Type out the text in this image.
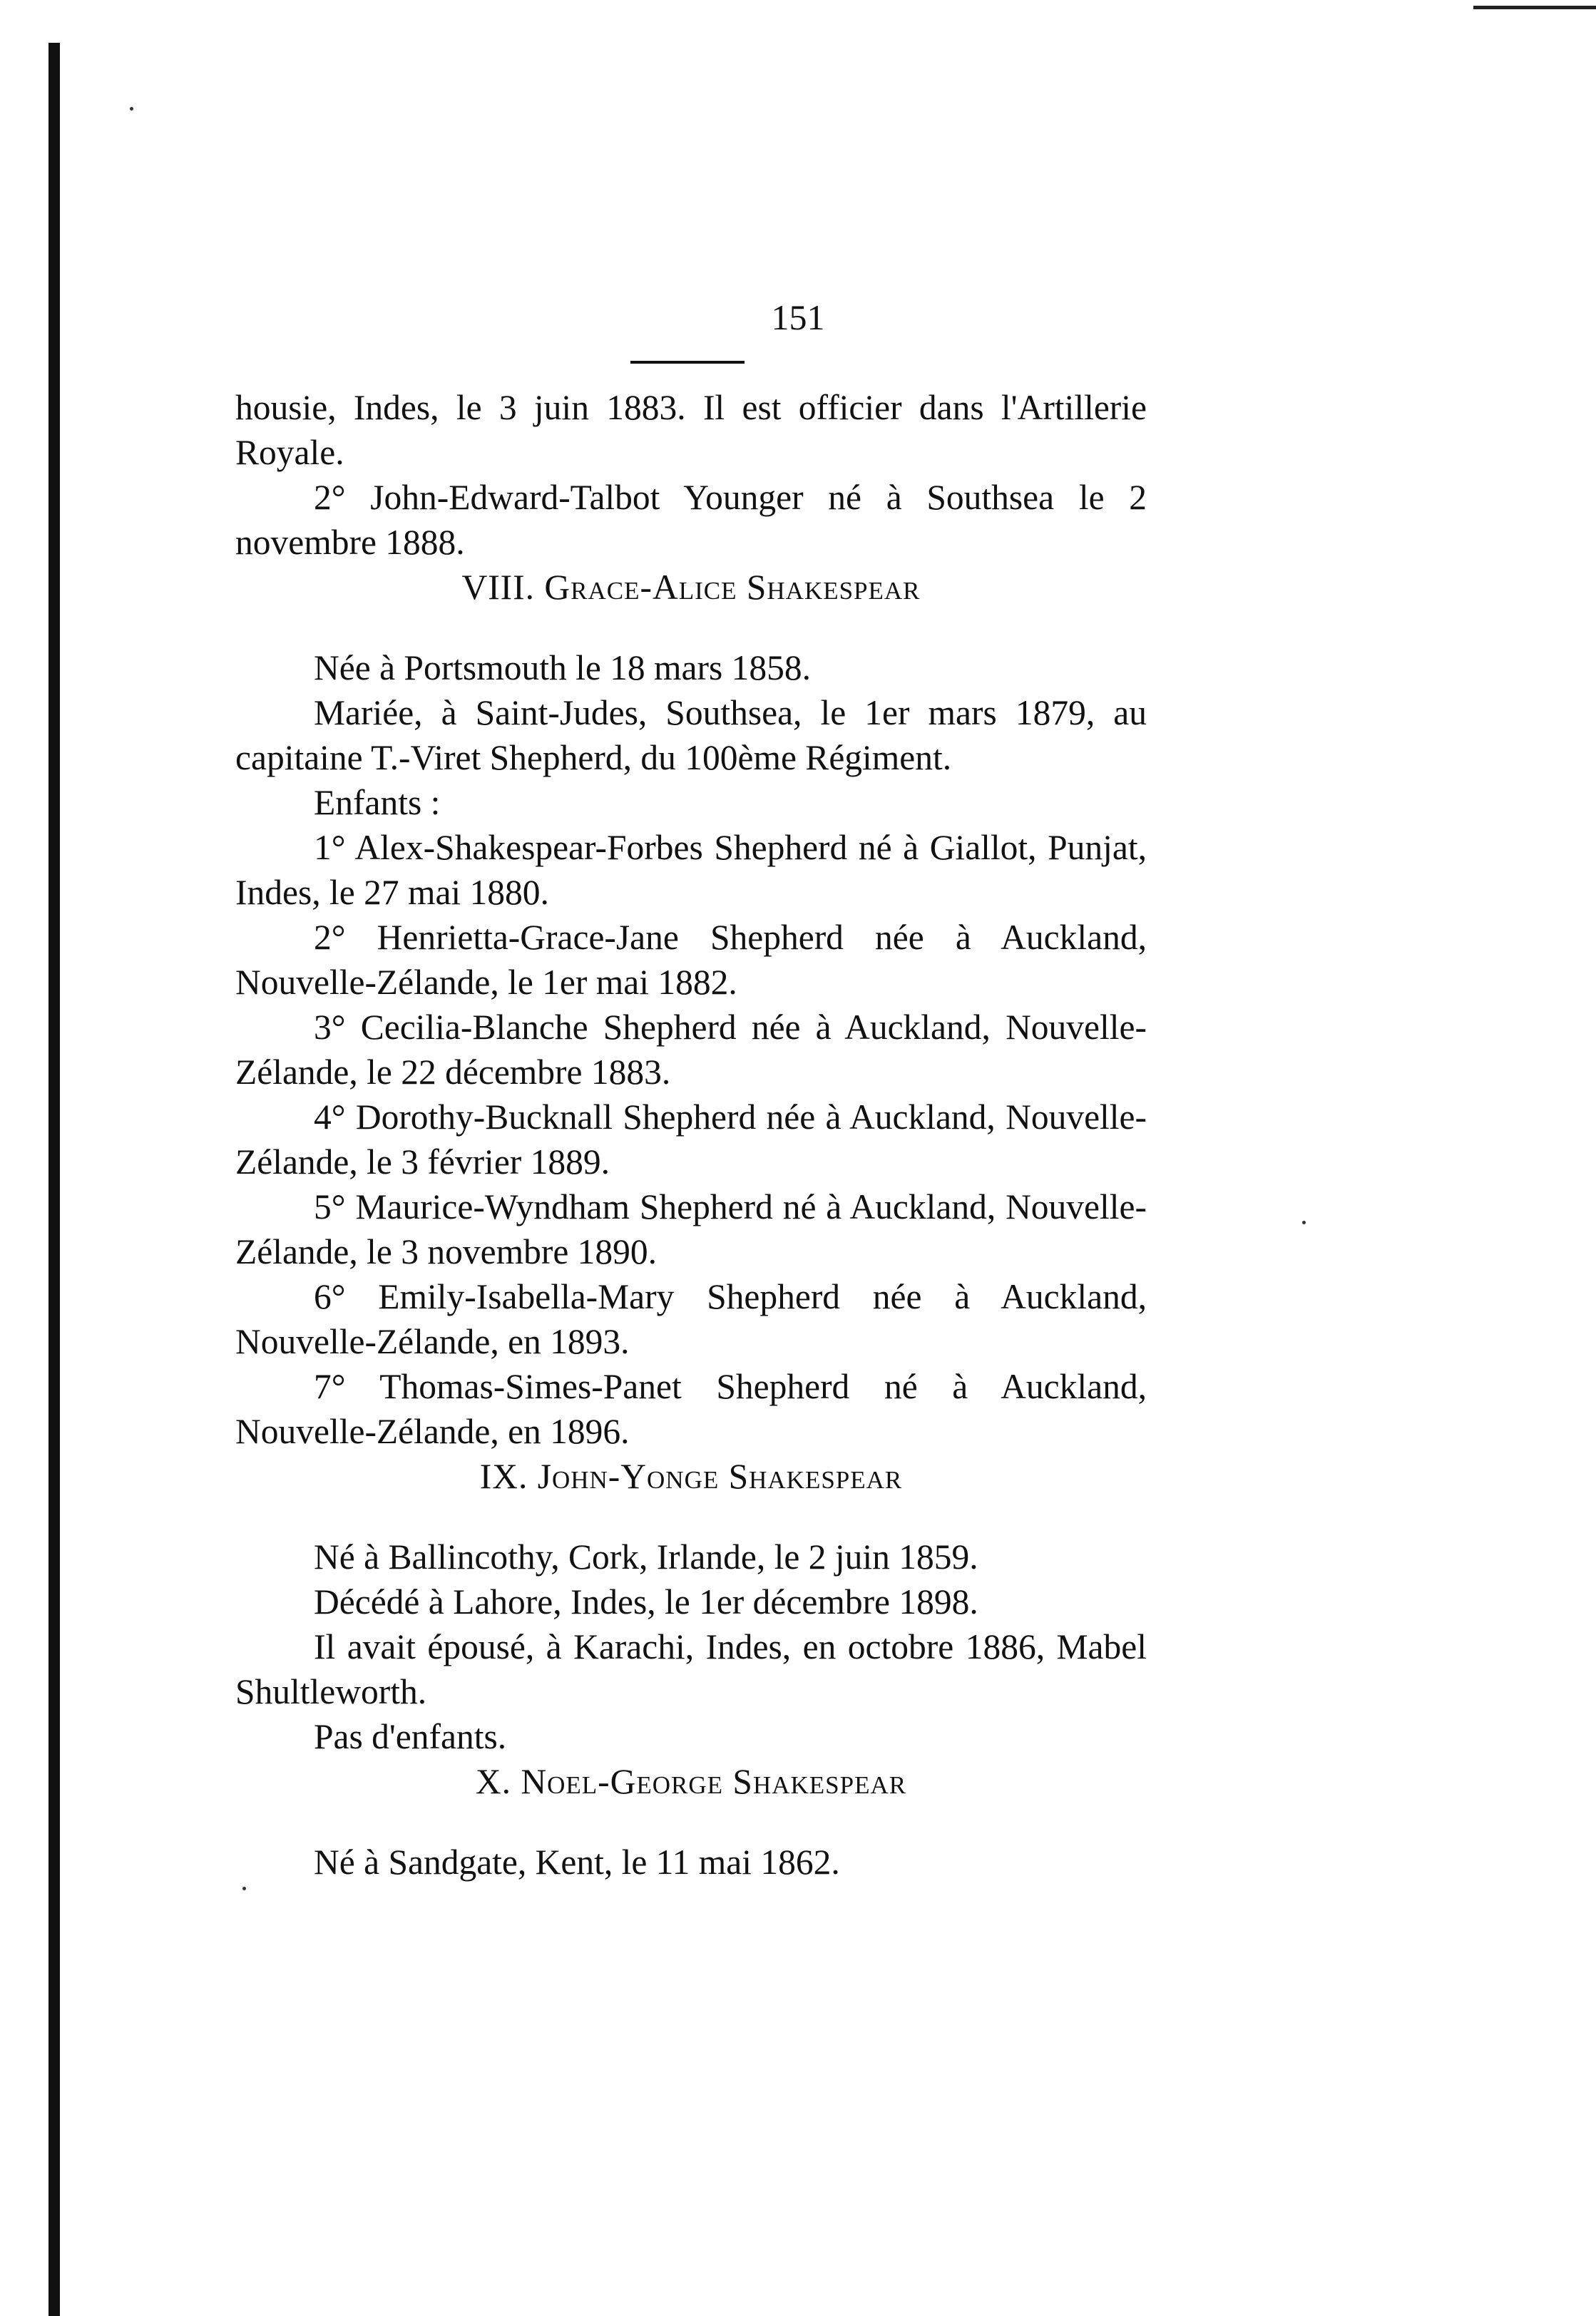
151

housie, Indes, le 3 juin 1883. Il est officier dans l'Artillerie Royale.

2° John-Edward-Talbot Younger né à Southsea le 2 novembre 1888.

VIII. Grace-Alice Shakespear

Née à Portsmouth le 18 mars 1858.

Mariée, à Saint-Judes, Southsea, le 1er mars 1879, au capitaine T.-Viret Shepherd, du 100ème Régiment.

Enfants :

1° Alex-Shakespear-Forbes Shepherd né à Giallot, Punjat, Indes, le 27 mai 1880.

2° Henrietta-Grace-Jane Shepherd née à Auckland, Nouvelle-Zélande, le 1er mai 1882.

3° Cecilia-Blanche Shepherd née à Auckland, Nouvelle-Zélande, le 22 décembre 1883.

4° Dorothy-Bucknall Shepherd née à Auckland, Nouvelle-Zélande, le 3 février 1889.

5° Maurice-Wyndham Shepherd né à Auckland, Nouvelle-Zélande, le 3 novembre 1890.

6° Emily-Isabella-Mary Shepherd née à Auckland, Nouvelle-Zélande, en 1893.

7° Thomas-Simes-Panet Shepherd né à Auckland, Nouvelle-Zélande, en 1896.

IX. John-Yonge Shakespear

Né à Ballincothy, Cork, Irlande, le 2 juin 1859.

Décédé à Lahore, Indes, le 1er décembre 1898.

Il avait épousé, à Karachi, Indes, en octobre 1886, Mabel Shultleworth.

Pas d'enfants.

X. Noel-George Shakespear

Né à Sandgate, Kent, le 11 mai 1862.
